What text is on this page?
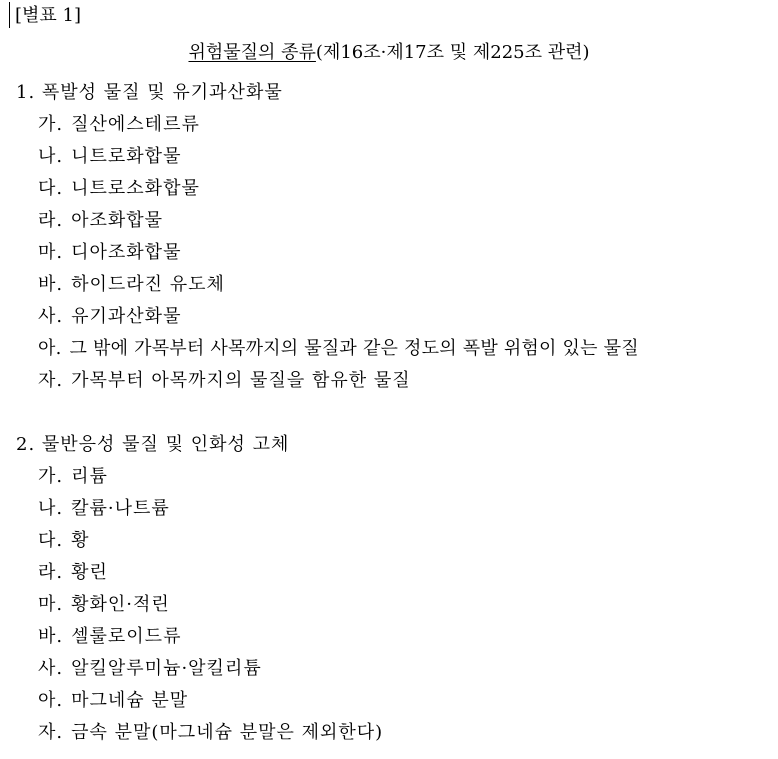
[별표 1]
위험물질의 종류(제16조·제17조 및 제225조 관련)
1. 폭발성 물질 및 유기과산화물
가. 질산에스테르류
나. 니트로화합물
다. 니트로소화합물
라. 아조화합물
마. 디아조화합물
바. 하이드라진 유도체
사. 유기과산화물
아. 그 밖에 가목부터 사목까지의 물질과 같은 정도의 폭발 위험이 있는 물질
자. 가목부터 아목까지의 물질을 함유한 물질
2. 물반응성 물질 및 인화성 고체
가. 리튬
나. 칼륨·나트륨
다. 황
라. 황린
마. 황화인·적린
바. 셀룰로이드류
사. 알킬알루미늄·알킬리튬
아. 마그네슘 분말
자. 금속 분말(마그네슘 분말은 제외한다)
